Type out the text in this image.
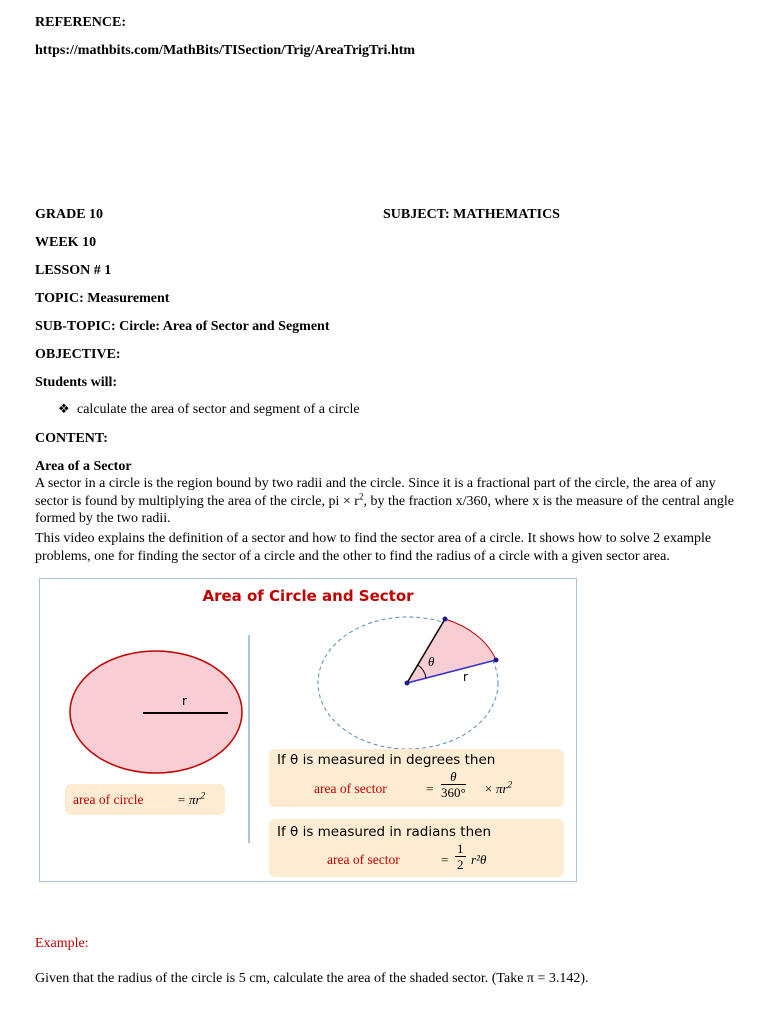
REFERENCE:
https://mathbits.com/MathBits/TISection/Trig/AreaTrigTri.htm
GRADE 10	SUBJECT: MATHEMATICS
WEEK 10
LESSON # 1
TOPIC: Measurement
SUB-TOPIC: Circle: Area of Sector and Segment
OBJECTIVE:
Students will:
❖ calculate the area of sector and segment of a circle
CONTENT:
Area of a Sector
A sector in a circle is the region bound by two radii and the circle. Since it is a fractional part of the circle, the area of any sector is found by multiplying the area of the circle, pi × $r^2$, by the fraction x/360, where x is the measure of the central angle formed by the two radii.
This video explains the definition of a sector and how to find the sector area of a circle. It shows how to solve 2 example problems, one for finding the sector of a circle and the other to find the radius of a circle with a given sector area.
Area of Circle and Sector
r
θ
r
area of circle	= $\pi r^2$
If θ is measured in degrees then
area of sector	= $\frac{\theta}{360^\circ} \times \pi r^2$
If θ is measured in radians then
area of sector	= $\frac{1}{2} r^2\theta$
Example:
Given that the radius of the circle is 5 cm, calculate the area of the shaded sector. (Take π = 3.142).
